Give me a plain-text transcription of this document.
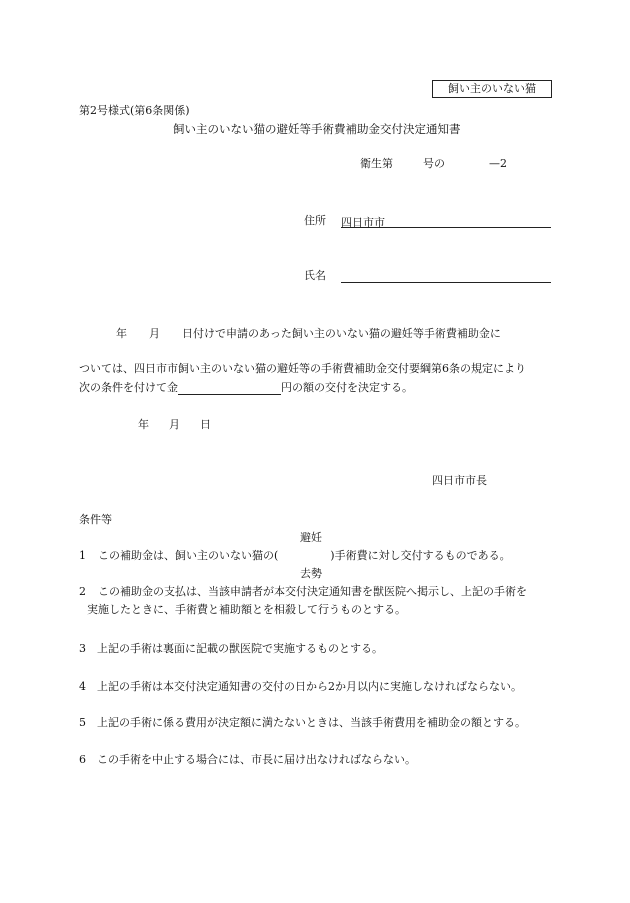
飼い主のいない猫
第2号様式(第6条関係)
飼い主のいない猫の避妊等手術費補助金交付決定通知書
衛生第	号の	—2
住所 四日市市
氏名
年 月 日付けで申請のあった飼い主のいない猫の避妊等手術費補助金に
ついては、四日市市飼い主のいない猫の避妊等の手術費補助金交付要綱第6条の規定により
次の条件を付けて金	円の額の交付を決定する。
年 月 日
四日市市長
条件等
避妊
1 この補助金は、飼い主のいない猫の(	)手術費に対し交付するものである。
去勢
2 この補助金の支払は、当該申請者が本交付決定通知書を獣医院へ掲示し、上記の手術を
実施したときに、手術費と補助額とを相殺して行うものとする。
3　上記の手術は裏面に記載の獣医院で実施するものとする。
4　上記の手術は本交付決定通知書の交付の日から2か月以内に実施しなければならない。
5　上記の手術に係る費用が決定額に満たないときは、当該手術費用を補助金の額とする。
6　この手術を中止する場合には、市長に届け出なければならない。
